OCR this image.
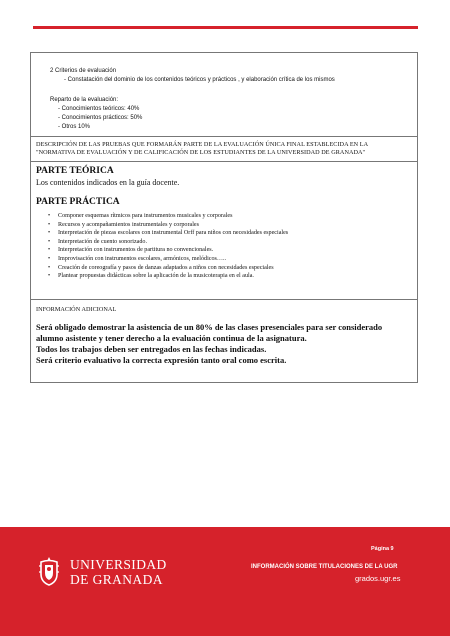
2 Criterios de evaluación
- Constatación del dominio de los contenidos teóricos y prácticos , y elaboración crítica de los mismos
Reparto de la evaluación:
- Conocimientos teóricos: 40%
- Conocimientos prácticos: 50%
- Otros 10%
DESCRIPCIÓN DE LAS PRUEBAS QUE FORMARÁN PARTE DE LA EVALUACIÓN ÚNICA FINAL ESTABLECIDA EN LA
"NORMATIVA DE EVALUACIÓN Y DE CALIFICACIÓN DE LOS ESTUDIANTES DE LA UNIVERSIDAD DE GRANADA"
PARTE TEÓRICA
Los contenidos indicados en la guía docente.
PARTE PRÁCTICA
• Componer esquemas rítmicos para instrumentos musicales y corporales
• Recursos y acompañamientos instrumentales y corporales
• Interpretación de piezas escolares con instrumental Orff para niños con necesidades especiales
• Interpretación de cuento sonorizado.
• Interpretación con instrumentos de partitura no convencionales.
• Improvisación con instrumentos escolares, armónicos, melódicos…..
• Creación de coreografía y pasos de danzas adaptados a niños con necesidades especiales
• Plantear propuestas didácticas sobre la aplicación de la musicoterapia en el aula.
INFORMACIÓN ADICIONAL
Será obligado demostrar la asistencia de un 80% de las clases presenciales para ser considerado
alumno asistente y tener derecho a la evaluación continua de la asignatura.
Todos los trabajos deben ser entregados en las fechas indicadas.
Será criterio evaluativo la correcta expresión tanto oral como escrita.
UNIVERSIDAD
DE GRANADA
Página 9
INFORMACIÓN SOBRE TITULACIONES DE LA UGR
grados.ugr.es
